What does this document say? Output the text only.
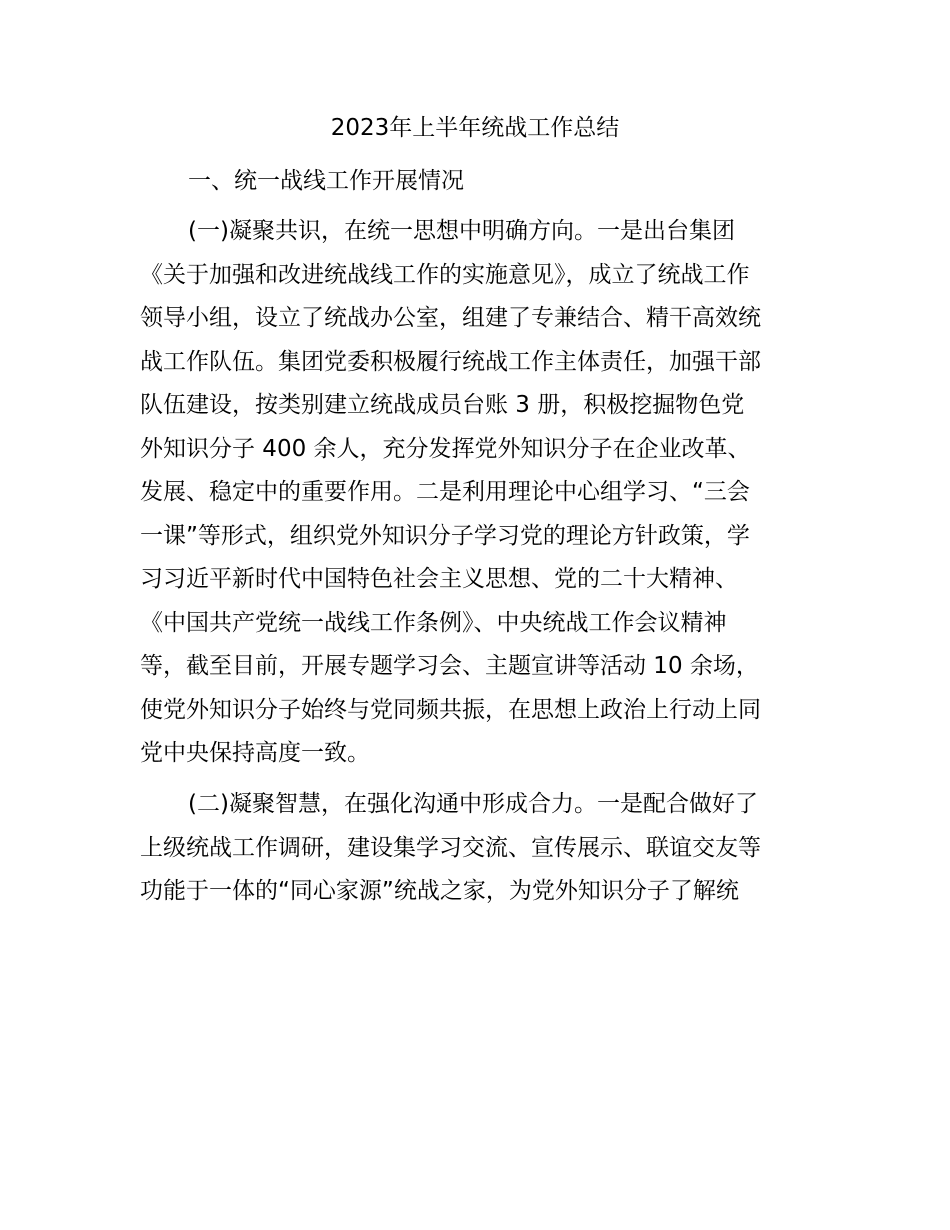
2023年上半年统战工作总结
一、统一战线工作开展情况
(一)凝聚共识，在统一思想中明确方向。一是出台集团
《关于加强和改进统战线工作的实施意见》，成立了统战工作
领导小组，设立了统战办公室，组建了专兼结合、精干高效统
战工作队伍。集团党委积极履行统战工作主体责任，加强干部
队伍建设，按类别建立统战成员台账 3 册，积极挖掘物色党
外知识分子 400 余人，充分发挥党外知识分子在企业改革、
发展、稳定中的重要作用。二是利用理论中心组学习、“三会
一课”等形式，组织党外知识分子学习党的理论方针政策，学
习习近平新时代中国特色社会主义思想、党的二十大精神、
《中国共产党统一战线工作条例》、中央统战工作会议精神
等，截至目前，开展专题学习会、主题宣讲等活动 10 余场，
使党外知识分子始终与党同频共振，在思想上政治上行动上同
党中央保持高度一致。
(二)凝聚智慧，在强化沟通中形成合力。一是配合做好了
上级统战工作调研，建设集学习交流、宣传展示、联谊交友等
功能于一体的“同心家源”统战之家，为党外知识分子了解统
